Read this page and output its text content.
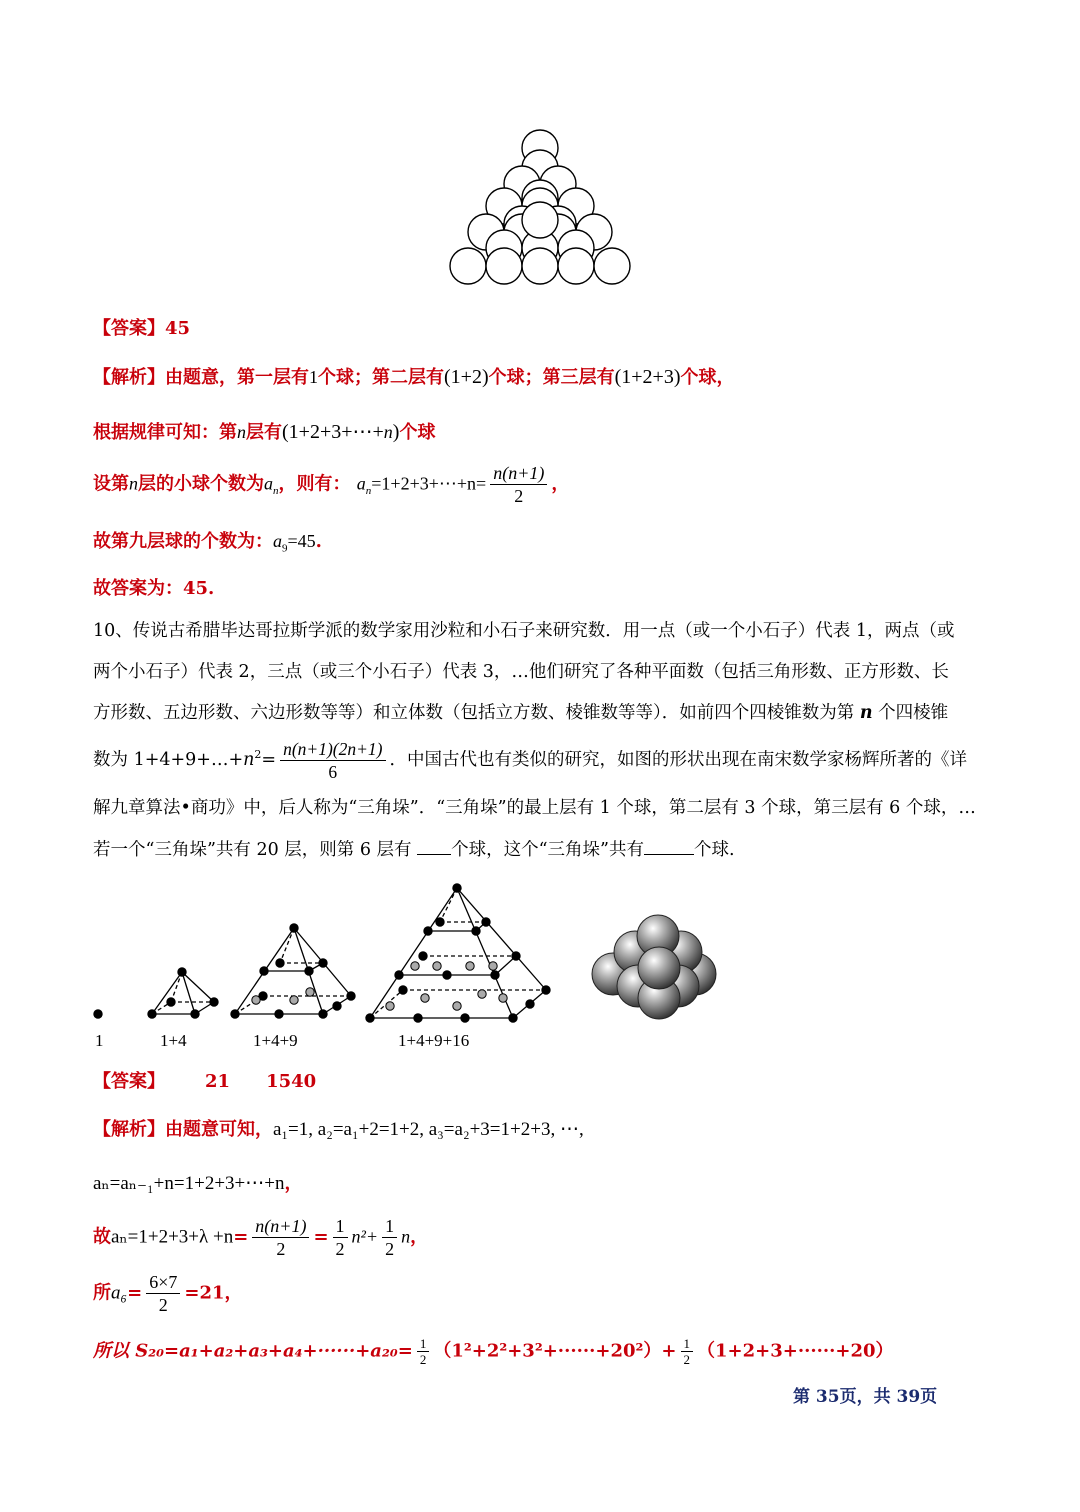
【答案】45
【解析】由题意，第一层有1个球；第二层有(1+2)个球；第三层有(1+2+3)个球，
根据规律可知：第n层有(1+2+3+⋯+n)个球
设第n层的小球个数为$a_n$，则有： $a_n=1+2+3+\cdots+n= \frac{n(n+1)}{2}$ ，
故第九层球的个数为：$a_9=45$.
故答案为：45.
10、传说古希腊毕达哥拉斯学派的数学家用沙粒和小石子来研究数．用一点（或一个小石子）代表 1，两点（或
两个小石子）代表 2，三点（或三个小石子）代表 3，…他们研究了各种平面数（包括三角形数、正方形数、长
方形数、五边形数、六边形数等等）和立体数（包括立方数、棱锥数等等）．如前四个四棱锥数为第 n 个四棱锥
数为 $1+4+9+\dots+n^2= \frac{n(n+1)(2n+1)}{6}$ ．中国古代也有类似的研究，如图的形状出现在南宋数学家杨辉所著的《详
解九章算法•商功》中，后人称为“三角垛”．“三角垛”的最上层有 1 个球，第二层有 3 个球，第三层有 6 个球，…
若一个“三角垛”共有 20 层，则第 6 层有 个球，这个“三角垛”共有	个球.
1	1+4	1+4+9	1+4+9+16
【答案】 21 1540
【解析】由题意可知，a₁=1, a₂=a₁+2=1+2, a₃=a₂+3=1+2+3, ⋯,
aₙ=aₙ₋₁+n=1+2+3+⋯+n，
故$a_n=1+2+3+\lambda +n= \frac{n(n+1)}{2} = \frac{1}{2} n^2+ \frac{1}{2}$ n，
所$a_6= \frac{6\times 7}{2} =21$，
所以 $S_{20}=a_1+a_2+a_3+a_4+\cdot\cdot\cdot\cdot\cdot\cdot+a_{20}= \frac{1}{2} (1^2+2^2+3^2+\cdot\cdot\cdot\cdot\cdot\cdot+20^2)+ \frac{1}{2} (1+2+3+\cdot\cdot\cdot\cdot\cdot\cdot+20)$
第 35页，共 39页
